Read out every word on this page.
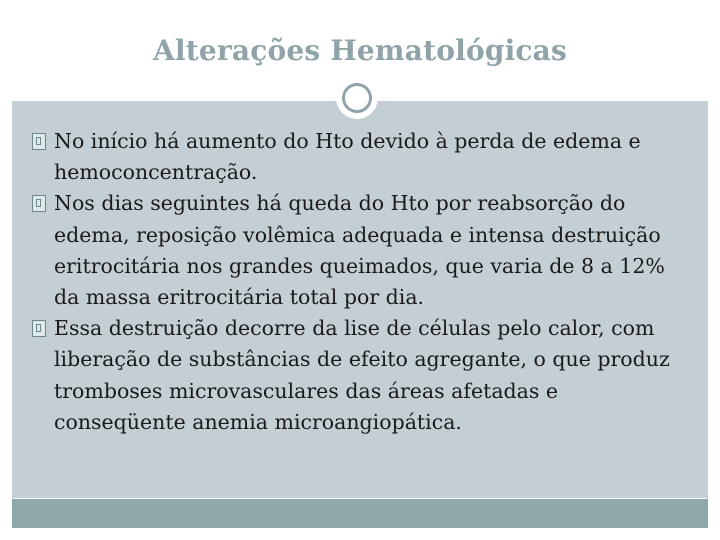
Alterações Hematológicas

No início há aumento do Hto devido à perda de edema e hemoconcentração.

Nos dias seguintes há queda do Hto por reabsorção do edema, reposição volêmica adequada e intensa destruição eritrocitária nos grandes queimados, que varia de 8 a 12% da massa eritrocitária total por dia.

Essa destruição decorre da lise de células pelo calor, com liberação de substâncias de efeito agregante, o que produz tromboses microvasculares das áreas afetadas e conseqüente anemia microangiopática.
